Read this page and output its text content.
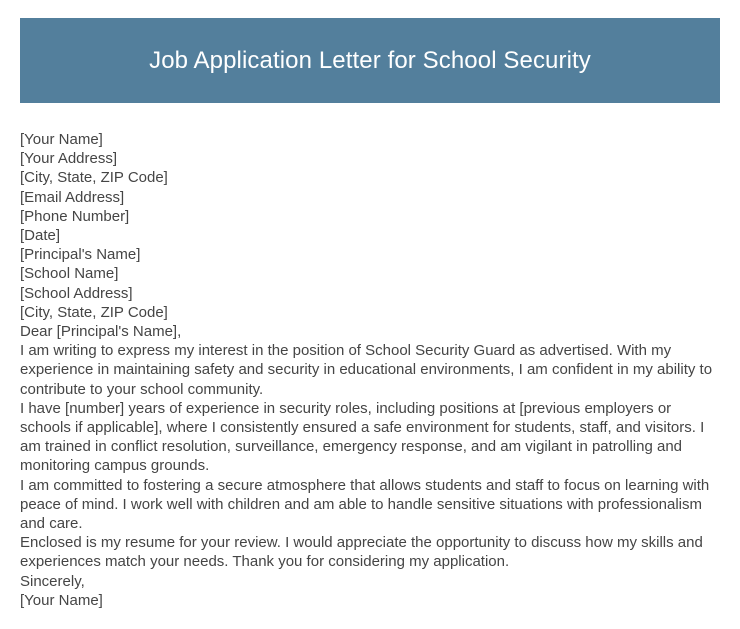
Job Application Letter for School Security
[Your Name]
[Your Address]
[City, State, ZIP Code]
[Email Address]
[Phone Number]
[Date]
[Principal's Name]
[School Name]
[School Address]
[City, State, ZIP Code]
Dear [Principal's Name],

I am writing to express my interest in the position of School Security Guard as advertised. With my experience in maintaining safety and security in educational environments, I am confident in my ability to contribute to your school community.

I have [number] years of experience in security roles, including positions at [previous employers or schools if applicable], where I consistently ensured a safe environment for students, staff, and visitors. I am trained in conflict resolution, surveillance, emergency response, and am vigilant in patrolling and monitoring campus grounds.

I am committed to fostering a secure atmosphere that allows students and staff to focus on learning with peace of mind. I work well with children and am able to handle sensitive situations with professionalism and care.

Enclosed is my resume for your review. I would appreciate the opportunity to discuss how my skills and experiences match your needs. Thank you for considering my application.

Sincerely,
[Your Name]
